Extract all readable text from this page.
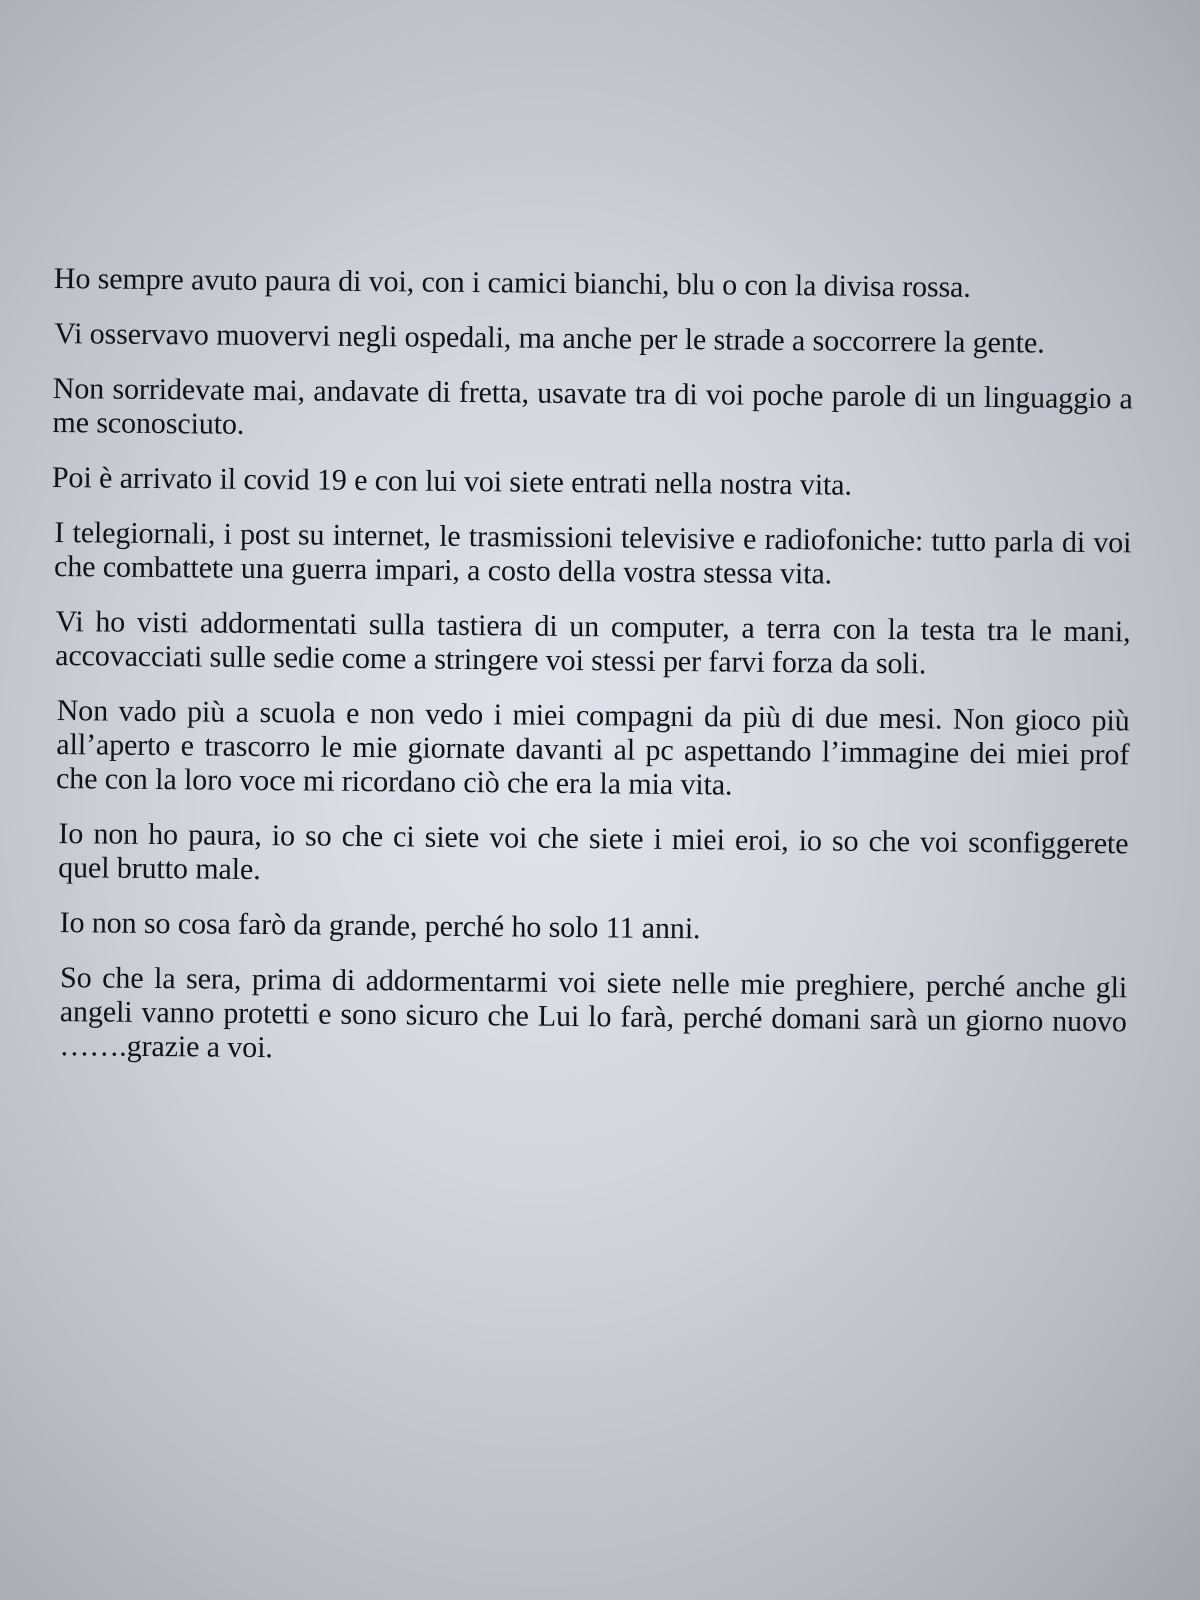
Ho sempre avuto paura di voi, con i camici bianchi, blu o con la divisa rossa.

Vi osservavo muovervi negli ospedali, ma anche per le strade a soccorrere la gente.

Non sorridevate mai, andavate di fretta, usavate tra di voi poche parole di un linguaggio a me sconosciuto.

Poi è arrivato il covid 19 e con lui voi siete entrati nella nostra vita.

I telegiornali, i post su internet, le trasmissioni televisive e radiofoniche: tutto parla di voi che combattete una guerra impari, a costo della vostra stessa vita.

Vi ho visti addormentati sulla tastiera di un computer, a terra con la testa tra le mani, accovacciati sulle sedie come a stringere voi stessi per farvi forza da soli.

Non vado più a scuola e non vedo i miei compagni da più di due mesi. Non gioco più all’aperto e trascorro le mie giornate davanti al pc aspettando l’immagine dei miei prof che con la loro voce mi ricordano ciò che era la mia vita.

Io non ho paura, io so che ci siete voi che siete i miei eroi, io so che voi sconfiggerete quel brutto male.

Io non so cosa farò da grande, perché ho solo 11 anni.

So che la sera, prima di addormentarmi voi siete nelle mie preghiere, perché anche gli angeli vanno protetti e sono sicuro che Lui lo farà, perché domani sarà un giorno nuovo …….grazie a voi.
